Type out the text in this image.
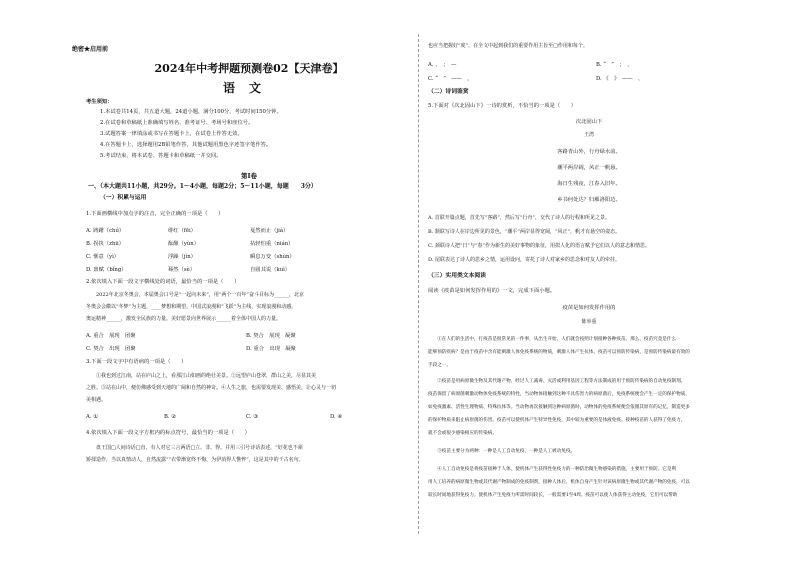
绝密★启用前
2024年中考押题预测卷02【天津卷】
语文
考生须知：
1.本试卷共14页，共五道大题，24道小题，满分100分，考试时间150分钟。
2.在试卷和草稿纸上准确填写姓名、准考证号、考场号和座位号。
3.试题答案一律填涂或书写在答题卡上，在试卷上作答无效。
4.在答题卡上，选择题用2B铅笔作答，其他试题用黑色字迹签字笔作答。
5.考试结束，将本试卷、答题卡和草稿纸一并交回。
第Ⅰ卷
一、（本大题共11小题，共29分。1～4小题，每题2分；5～11小题，每题　　3分）
（一）积累与运用
1.下面画横线中加点字的注音，完全正确的一项是（　　）
A. 踌躇（chú）	绯红（fēi）	戛然而止（jiá）
B. 拐抉（zhū）	酝酿（yùn）	拈轻怕重（nián）
C. 惬意（yì）	浮躁（jìn）	瞬息万变（shùn）
D. 禀赋（bǐng）	蓦然（sè）	自圆其说（kuì）
2.依次填入下面一段文字横线处的词语，最恰当的一项是（　　）
　　2022年北京冬奥会，本届奥会口号是“一起向未来”，用“两个一百年”奋斗目标为______，北京
冬奥会会徽以“冬梦”为主题，____梦想和期望，中国式浪漫和“飞跃”为主线，实现浪漫和动感。
奥运精神______，激发全民族的力量。美好愿景向世界展示______着全体中国人的力量。
A. 重合　展现　团聚	B. 契合　展现　凝聚
C. 契合　出现　团聚	D. 重合　出现　凝聚
3.下面一段文字中有语病的一项是（　　）
　　①我也到过江南，站在庐山之上，看那江山如画的绝壮美景。②远望庐山苍翠，群山之美，尽显其美
之胜。③站在山中，便仿佛感受到天地的广阔和自然的神奇。④人生之旅，也需要发现美、感悟美，让心灵与一切
美相遇。
A. ①	B. ②	C. ③	D. ④
4.依次填入下面一段文字方框内的标点符号，最恰当的一项是（　　）
　　盘王国□人间诗话□直，有人对它三言两语□立、非、得。并用三引号诗话表述，“好花也不须
矫揉造作，当以真情动人，自然流露”“衣带渐宽终不悔，为伊消得人憔悴”，这是其中的千古名句。
也应当把握好“度”，在全文中起到我们的重要作用主旨至□作用和每个。
A. 、　；　—	B. “　”　；　，
C. “　”　——　，	D. 《　》　——　、
（二）诗词鉴赏
5.下面对《次北固山下》一诗的赏析，不恰当的一项是（　　）
次北固山下
王湾
客路青山外，行舟绿水前。
潮平两岸阔，风正一帆悬。
海日生残夜，江春入旧年。
乡书何处达？归雁洛阳边。
A. 首联开篇点题，首先写“客路”，然后写“行舟”，交代了诗人的行程和所见之景。
B. 颔联写诗人在岸边所见的景色，“潮平”两岸显得宽阔，“风正”，帆才有悬空的姿态。
C. 颈联诗人把“日”与“春”作为新生的美好事物的象征，用拟人化的语言赋予它们以人的意志和情思。
D. 尾联表达了诗人的思乡之情，运用设问，寄托了诗人对家乡的思念和对友人的牵挂。
（三）实用类文本阅读
阅读《疫苗是如何发挥作用的》一文，完成下面小题。
疫苗是如何发挥作用的
陈举重
　　①在人们的生活中，打疫苗是很常见的一件事，从出生开始，人们就会按照计划接种各种疫苗。那么，疫苗究竟是什么
能够预防疾病？是由于疫苗中含有能刺激人体免疫系统的物质，刺激人体产生抗体。疫苗可以预防传染病，是预防传染病最有效的
手段之一。
　　②疫苗是用病原微生物及其代谢产物，经过人工减毒、灭活或利用基因工程等方法制成的用于预防传染病的自动免疫制剂。
疫苗保留了病原菌刺激动物体免疫系统的特性，当动物体接触到这种不具伤害力的病原菌后，免疫系统便会产生一定的保护物质，
如免疫激素、活性生理物质、特殊抗体等。当动物再次接触到这种病原菌时，动物体的免疫系统便会依循其原有的记忆，制造更多
的保护物质来阻止病原菌的伤害。疫苗可以使机体产生特异性免疫，其中较为重要的是体液免疫。接种疫苗的人获得了免疫力，
就不会或很少感染相应的传染病。
　　③疫苗主要分为两种：一种是人工自动免疫，一种是人工被动免疫。
　　④人工自动免疫是将疫苗接种于人体，使机体产生获得性免疫力的一种防治微生物感染的措施，主要用于预防。它是利
用人工培养的病原微生物或其代谢产物制成的免疫制剂，接种人体后，机体自身产生针对该病原微生物或其代谢产物的免疫，可以
较长时间地获得免疫力。使机体产生免疫力所需时间较长，一般需要1至4周。疫苗可以使人体获得主动免疫，它们可以帮助
